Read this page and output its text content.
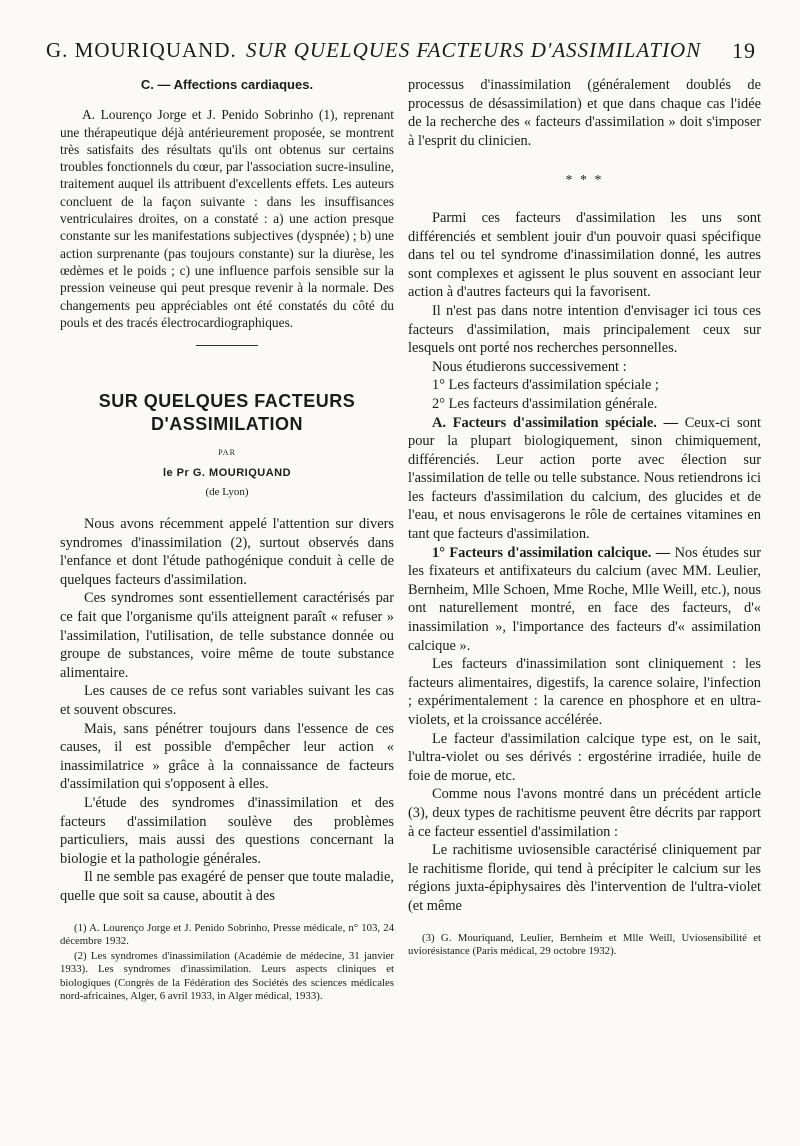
G. MOURIQUAND. SUR QUELQUES FACTEURS D'ASSIMILATION 19
C. — Affections cardiaques.

A. Lourenço Jorge et J. Penido Sobrinho (1), reprenant une thérapeutique déjà antérieurement proposée, se montrent très satisfaits des résultats qu'ils ont obtenus sur certains troubles fonctionnels du cœur, par l'association sucre-insuline, traitement auquel ils attribuent d'excellents effets. Les auteurs concluent de la façon suivante : dans les insuffisances ventriculaires droites, on a constaté : a) une action presque constante sur les manifestations subjectives (dyspnée) ; b) une action surprenante (pas toujours constante) sur la diurèse, les œdèmes et le poids ; c) une influence parfois sensible sur la pression veineuse qui peut presque revenir à la normale. Des changements peu appréciables ont été constatés du côté du pouls et des tracés électrocardiographiques.

SUR QUELQUES FACTEURS
D'ASSIMILATION
PAR
le Pr G. MOURIQUAND
(de Lyon)

Nous avons récemment appelé l'attention sur divers syndromes d'inassimilation (2), surtout observés dans l'enfance et dont l'étude pathogénique conduit à celle de quelques facteurs d'assimilation.

Ces syndromes sont essentiellement caractérisés par ce fait que l'organisme qu'ils atteignent paraît « refuser » l'assimilation, l'utilisation, de telle substance donnée ou groupe de substances, voire même de toute substance alimentaire.

Les causes de ce refus sont variables suivant les cas et souvent obscures.

Mais, sans pénétrer toujours dans l'essence de ces causes, il est possible d'empêcher leur action « inassimilatrice » grâce à la connaissance de facteurs d'assimilation qui s'opposent à elles.

L'étude des syndromes d'inassimilation et des facteurs d'assimilation soulève des problèmes particuliers, mais aussi des questions concernant la biologie et la pathologie générales.

Il ne semble pas exagéré de penser que toute maladie, quelle que soit sa cause, aboutit à des

(1) A. Lourenço Jorge et J. Penido Sobrinho, Presse médicale, n° 103, 24 décembre 1932.

(2) Les syndromes d'inassimilation (Académie de médecine, 31 janvier 1933). Les syndromes d'inassimilation. Leurs aspects cliniques et biologiques (Congrès de la Fédération des Sociétés des sciences médicales nord-africaines, Alger, 6 avril 1933, in Alger médical, 1933).

processus d'inassimilation (généralement doublés de processus de désassimilation) et que dans chaque cas l'idée de la recherche des « facteurs d'assimilation » doit s'imposer à l'esprit du clinicien.

* * *

Parmi ces facteurs d'assimilation les uns sont différenciés et semblent jouir d'un pouvoir quasi spécifique dans tel ou tel syndrome d'inassimilation donné, les autres sont complexes et agissent le plus souvent en associant leur action à d'autres facteurs qui la favorisent.

Il n'est pas dans notre intention d'envisager ici tous ces facteurs d'assimilation, mais principalement ceux sur lesquels ont porté nos recherches personnelles.

Nous étudierons successivement :

1° Les facteurs d'assimilation spéciale ;

2° Les facteurs d'assimilation générale.

A. Facteurs d'assimilation spéciale. — Ceux-ci sont pour la plupart biologiquement, sinon chimiquement, différenciés. Leur action porte avec élection sur l'assimilation de telle ou telle substance. Nous retiendrons ici les facteurs d'assimilation du calcium, des glucides et de l'eau, et nous envisagerons le rôle de certaines vitamines en tant que facteurs d'assimilation.

1° Facteurs d'assimilation calcique. — Nos études sur les fixateurs et antifixateurs du calcium (avec MM. Leulier, Bernheim, Mlle Schoen, Mme Roche, Mlle Weill, etc.), nous ont naturellement montré, en face des facteurs, d'« inassimilation », l'importance des facteurs d'« assimilation calcique ».

Les facteurs d'inassimilation sont cliniquement : les facteurs alimentaires, digestifs, la carence solaire, l'infection ; expérimentalement : la carence en phosphore et en ultra-violets, et la croissance accélérée.

Le facteur d'assimilation calcique type est, on le sait, l'ultra-violet ou ses dérivés : ergostérine irradiée, huile de foie de morue, etc.

Comme nous l'avons montré dans un précédent article (3), deux types de rachitisme peuvent être décrits par rapport à ce facteur essentiel d'assimilation :

Le rachitisme uviosensible caractérisé cliniquement par le rachitisme floride, qui tend à précipiter le calcium sur les régions juxta-épiphysaires dès l'intervention de l'ultra-violet (et même

(3) G. Mouriquand, Leulier, Bernheim et Mlle Weill, Uviosensibilité et uviorésistance (Paris médical, 29 octobre 1932).
